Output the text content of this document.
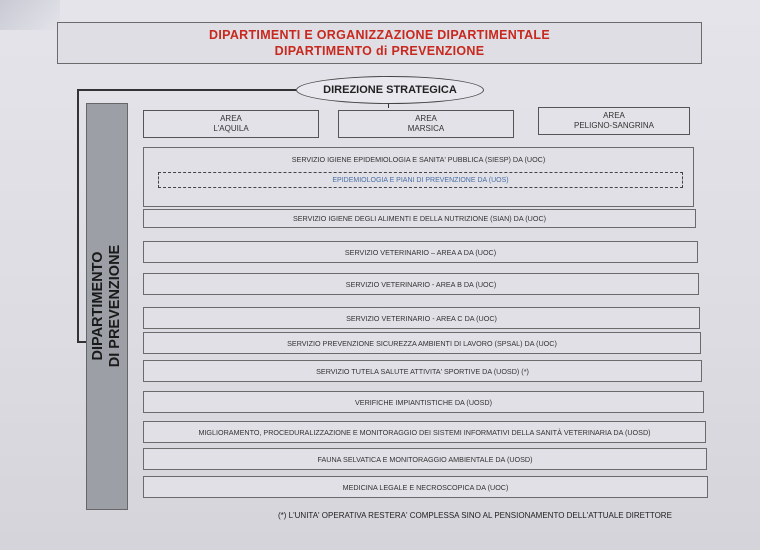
DIPARTIMENTI E ORGANIZZAZIONE DIPARTIMENTALE
DIPARTIMENTO di PREVENZIONE
DIREZIONE STRATEGICA
AREA
L'AQUILA
AREA
MARSICA
AREA
PELIGNO-SANGRINA
DIPARTIMENTO DI PREVENZIONE
SERVIZIO IGIENE EPIDEMIOLOGIA E SANITA' PUBBLICA (SIESP) DA (UOC)
EPIDEMIOLOGIA E PIANI DI PREVENZIONE DA (UOS)
SERVIZIO IGIENE DEGLI ALIMENTI E DELLA NUTRIZIONE (SIAN) DA (UOC)
SERVIZIO VETERINARIO – AREA A DA (UOC)
SERVIZIO VETERINARIO - AREA B DA (UOC)
SERVIZIO VETERINARIO - AREA C DA (UOC)
SERVIZIO PREVENZIONE SICUREZZA AMBIENTI DI LAVORO (SPSAL) DA (UOC)
SERVIZIO TUTELA SALUTE ATTIVITA' SPORTIVE DA (UOSD) (*)
VERIFICHE IMPIANTISTICHE DA (UOSD)
MIGLIORAMENTO, PROCEDURALIZZAZIONE E MONITORAGGIO DEI SISTEMI INFORMATIVI DELLA SANITÀ VETERINARIA DA (UOSD)
FAUNA SELVATICA E MONITORAGGIO AMBIENTALE DA (UOSD)
MEDICINA LEGALE E NECROSCOPICA DA (UOC)
(*) L'UNITA' OPERATIVA RESTERA' COMPLESSA SINO AL PENSIONAMENTO DELL'ATTUALE DIRETTORE
